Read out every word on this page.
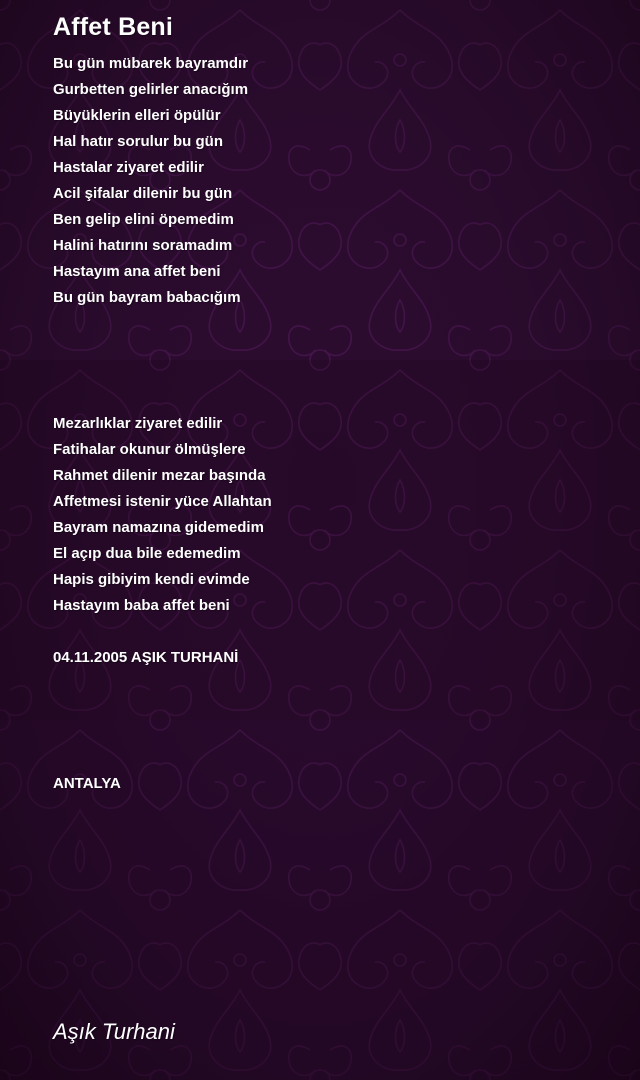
Affet Beni
Bu gün mübarek bayramdır
Gurbetten gelirler anacığım
Büyüklerin elleri öpülür
Hal hatır sorulur bu gün
Hastalar ziyaret edilir
Acil şifalar dilenir bu gün
Ben gelip elini öpemedim
Halini hatırını soramadım
Hastayım ana affet beni
Bu gün bayram babacığım
Mezarlıklar ziyaret edilir
Fatihalar okunur ölmüşlere
Rahmet dilenir mezar başında
Affetmesi istenir yüce Allahtan
Bayram namazına gidemedim
El açıp dua bile edemedim
Hapis gibiyim kendi evimde
Hastayım baba affet beni
04.11.2005 AŞIK TURHANİ
ANTALYA
Aşık Turhani
